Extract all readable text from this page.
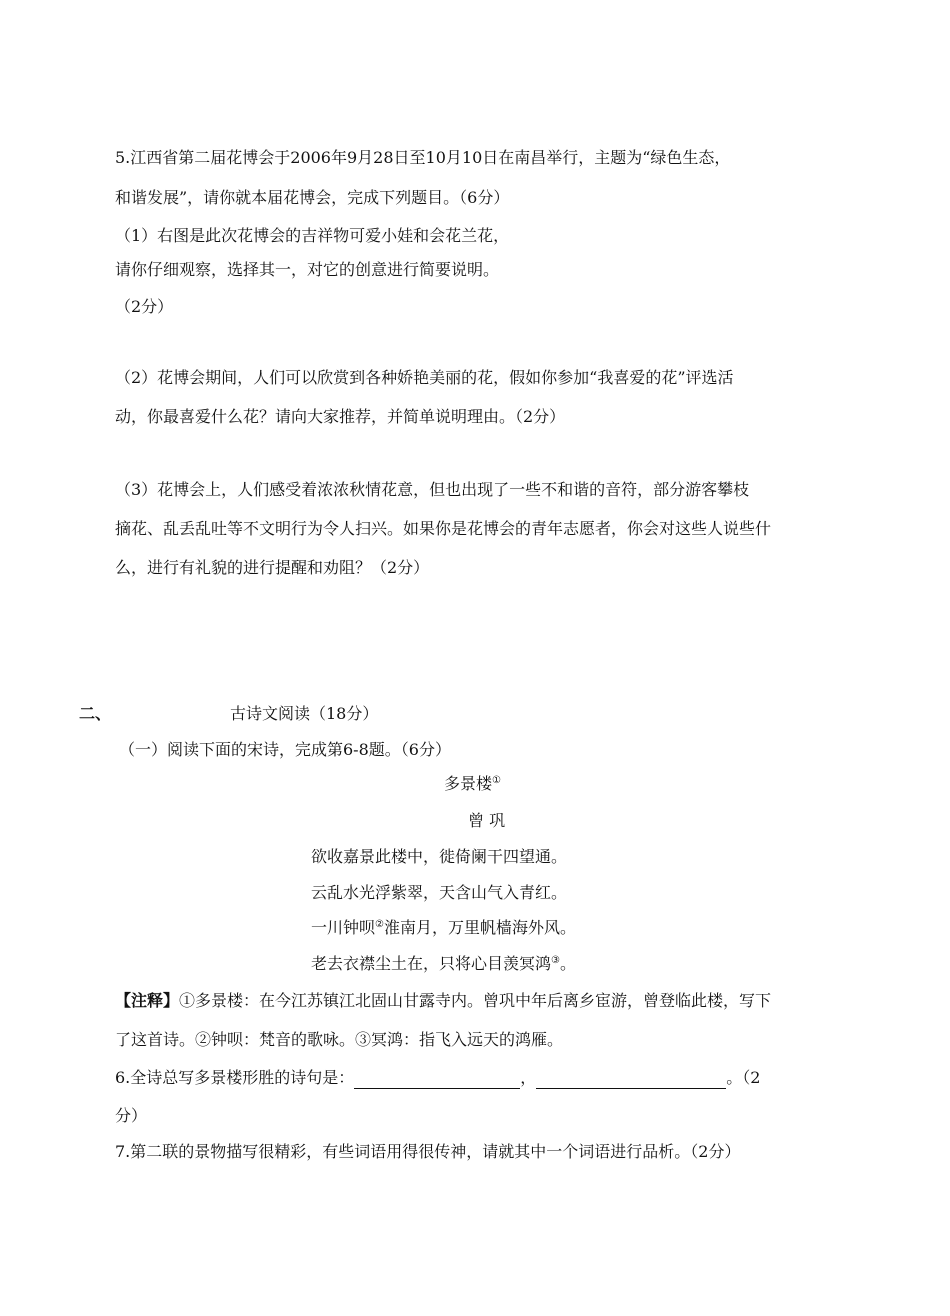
5.江西省第二届花博会于2006年9月28日至10月10日在南昌举行，主题为“绿色生态，
和谐发展”，请你就本届花博会，完成下列题目。（6分）
（1）右图是此次花博会的吉祥物可爱小娃和会花兰花，
请你仔细观察，选择其一，对它的创意进行简要说明。
（2分）
（2）花博会期间，人们可以欣赏到各种娇艳美丽的花，假如你参加“我喜爱的花”评选活
动，你最喜爱什么花？请向大家推荐，并简单说明理由。（2分）
（3）花博会上，人们感受着浓浓秋情花意，但也出现了一些不和谐的音符，部分游客攀枝
摘花、乱丢乱吐等不文明行为令人扫兴。如果你是花博会的青年志愿者，你会对这些人说些什
么，进行有礼貌的进行提醒和劝阻？（2分）
二、	古诗文阅读（18分）
（一）阅读下面的宋诗，完成第6-8题。（6分）
多景楼①
曾 巩
欲收嘉景此楼中，徙倚阑干四望通。
云乱水光浮紫翠，天含山气入青红。
一川钟呗②淮南月，万里帆樯海外风。
老去衣襟尘土在，只将心目羡冥鸿③。
【注释】①多景楼：在今江苏镇江北固山甘露寺内。曾巩中年后离乡宦游，曾登临此楼，写下
了这首诗。②钟呗：梵音的歌咏。③冥鸿：指飞入远天的鸿雁。
6.全诗总写多景楼形胜的诗句是：	，	。（2
分）
7.第二联的景物描写很精彩，有些词语用得很传神，请就其中一个词语进行品析。（2分）
